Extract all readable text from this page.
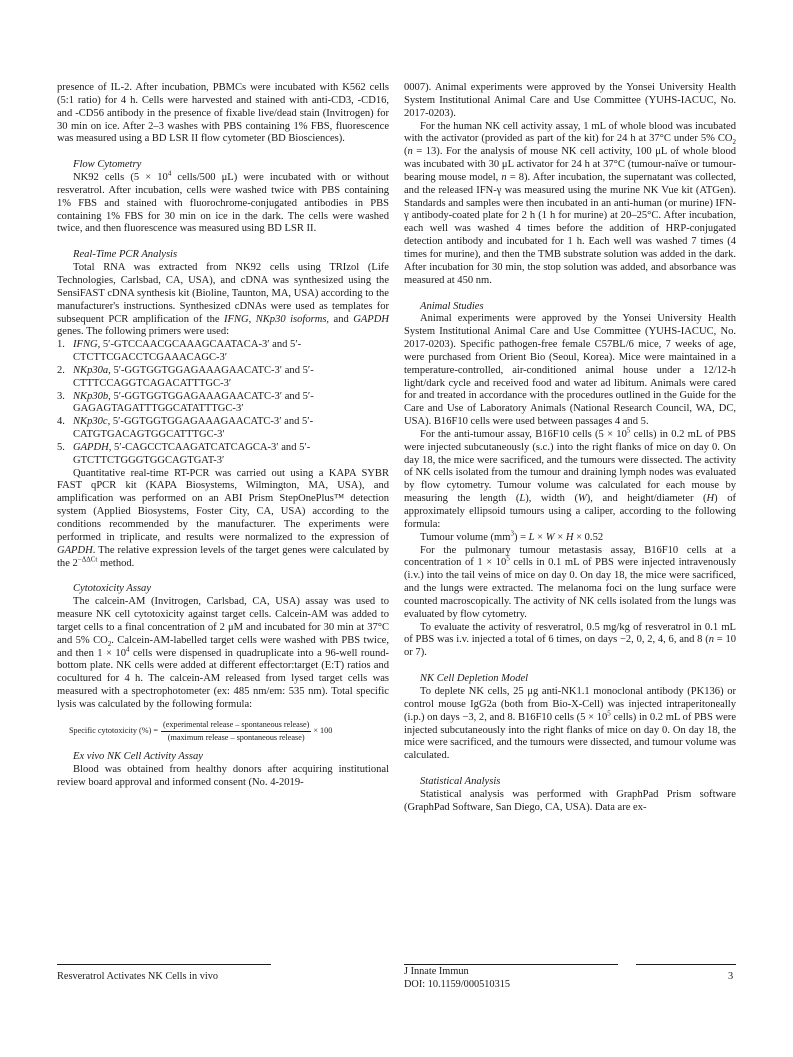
presence of IL-2. After incubation, PBMCs were incubated with K562 cells (5:1 ratio) for 4 h. Cells were harvested and stained with anti-CD3, -CD16, and -CD56 antibody in the presence of fixable live/dead stain (Invitrogen) for 30 min on ice. After 2–3 washes with PBS containing 1% FBS, fluorescence was measured using a BD LSR II flow cytometer (BD Biosciences).

Flow Cytometry

NK92 cells ($5 \times 10^4$ cells/500 μL) were incubated with or without resveratrol. After incubation, cells were washed twice with PBS containing 1% FBS and stained with fluorochrome-conjugated antibodies in PBS containing 1% FBS for 30 min on ice in the dark. The cells were washed twice, and then fluorescence was measured using BD LSR II.

Real-Time PCR Analysis

Total RNA was extracted from NK92 cells using TRIzol (Life Technologies, Carlsbad, CA, USA), and cDNA was synthesized using the SensiFAST cDNA synthesis kit (Bioline, Taunton, MA, USA) according to the manufacturer's instructions. Synthesized cDNAs were used as templates for subsequent PCR amplification of the IFNG, NKp30 isoforms, and GAPDH genes. The following primers were used:

1. IFNG, 5′-GTCCAACGCAAAGCAATACA-3′ and 5′-CTCTTCGACCTCGAAACAGC-3′
2. NKp30a, 5′-GGTGGTGGAGAAAGAACATC-3′ and 5′-CTTTCCAGGTCAGACATTTGC-3′
3. NKp30b, 5′-GGTGGTGGAGAAAGAACATC-3′ and 5′-GAGAGTAGATTTGGCATATTTGC-3′
4. NKp30c, 5′-GGTGGTGGAGAAAGAACATC-3′ and 5′-CATGTGACAGTGGCATTTGC-3′
5. GAPDH, 5′-CAGCCTCAAGATCATCAGCA-3′ and 5′-GTCTTCTGGGTGGCAGTGAT-3′

Quantitative real-time RT-PCR was carried out using a KAPA SYBR FAST qPCR kit (KAPA Biosystems, Wilmington, MA, USA), and amplification was performed on an ABI Prism StepOnePlus™ detection system (Applied Biosystems, Foster City, CA, USA) according to the conditions recommended by the manufacturer. The experiments were performed in triplicate, and results were normalized to the expression of GAPDH. The relative expression levels of the target genes were calculated by the $2^{-\Delta\Delta Ct}$ method.

Cytotoxicity Assay

The calcein-AM (Invitrogen, Carlsbad, CA, USA) assay was used to measure NK cell cytotoxicity against target cells. Calcein-AM was added to target cells to a final concentration of 2 μM and incubated for 30 min at 37°C and 5% $CO_2$. Calcein-AM-labelled target cells were washed with PBS twice, and then $1 \times 10^4$ cells were dispensed in quadruplicate into a 96-well round-bottom plate. NK cells were added at different effector:target (E:T) ratios and cocultured for 4 h. The calcein-AM released from lysed target cells was measured with a spectrophotometer (ex: 485 nm/em: 535 nm). Total specific lysis was calculated by the following formula:

Specific cytotoxicity (%) = $\frac{\text{(experimental release – spontaneous release)}}{\text{(maximum release – spontaneous release)}} \times 100$
Ex vivo NK Cell Activity Assay

Blood was obtained from healthy donors after acquiring institutional review board approval and informed consent (No. 4-2019-

0007). Animal experiments were approved by the Yonsei University Health System Institutional Animal Care and Use Committee (YUHS-IACUC, No. 2017-0203).

For the human NK cell activity assay, 1 mL of whole blood was incubated with the activator (provided as part of the kit) for 24 h at 37°C under 5% $CO_2$ (n = 13). For the analysis of mouse NK cell activity, 100 μL of whole blood was incubated with 30 μL activator for 24 h at 37°C (tumour-naïve or tumour-bearing mouse model, n = 8). After incubation, the supernatant was collected, and the released IFN-γ was measured using the murine NK Vue kit (ATGen). Standards and samples were then incubated in an anti-human (or murine) IFN-γ antibody-coated plate for 2 h (1 h for murine) at 20–25°C. After incubation, each well was washed 4 times before the addition of HRP-conjugated detection antibody and incubated for 1 h. Each well was washed 7 times (4 times for murine), and then the TMB substrate solution was added in the dark. After incubation for 30 min, the stop solution was added, and absorbance was measured at 450 nm.

Animal Studies

Animal experiments were approved by the Yonsei University Health System Institutional Animal Care and Use Committee (YUHS-IACUC, No. 2017-0203). Specific pathogen-free female C57BL/6 mice, 7 weeks of age, were purchased from Orient Bio (Seoul, Korea). Mice were maintained in a temperature-controlled, air-conditioned animal house under a 12/12-h light/dark cycle and received food and water ad libitum. Animals were cared for and treated in accordance with the procedures outlined in the Guide for the Care and Use of Laboratory Animals (National Research Council, WA, DC, USA). B16F10 cells were used between passages 4 and 5.

For the anti-tumour assay, B16F10 cells ($5 \times 10^5$ cells) in 0.2 mL of PBS were injected subcutaneously (s.c.) into the right flanks of mice on day 0. On day 18, the mice were sacrificed, and the tumours were dissected. The activity of NK cells isolated from the tumour and draining lymph nodes was evaluated by flow cytometry. Tumour volume was calculated for each mouse by measuring the length (L), width (W), and height/diameter (H) of approximately ellipsoid tumours using a caliper, according to the following formula:

Tumour volume $(mm^3) = L \times W \times H \times 0.52$

For the pulmonary tumour metastasis assay, B16F10 cells at a concentration of $1 \times 10^5$ cells in 0.1 mL of PBS were injected intravenously (i.v.) into the tail veins of mice on day 0. On day 18, the mice were sacrificed, and the lungs were extracted. The melanoma foci on the lung surface were counted macroscopically. The activity of NK cells isolated from the lungs was evaluated by flow cytometry.

To evaluate the activity of resveratrol, 0.5 mg/kg of resveratrol in 0.1 mL of PBS was i.v. injected a total of 6 times, on days −2, 0, 2, 4, 6, and 8 (n = 10 or 7).

NK Cell Depletion Model

To deplete NK cells, 25 μg anti-NK1.1 monoclonal antibody (PK136) or control mouse IgG2a (both from Bio-X-Cell) was injected intraperitoneally (i.p.) on days −3, 2, and 8. B16F10 cells ($5 \times 10^5$ cells) in 0.2 mL of PBS were injected subcutaneously into the right flanks of mice on day 0. On day 18, the mice were sacrificed, and the tumours were dissected, and tumour volume was calculated.

Statistical Analysis

Statistical analysis was performed with GraphPad Prism software (GraphPad Software, San Diego, CA, USA). Data are ex-

Resveratrol Activates NK Cells in vivo	J Innate Immun
DOI: 10.1159/000510315
3
